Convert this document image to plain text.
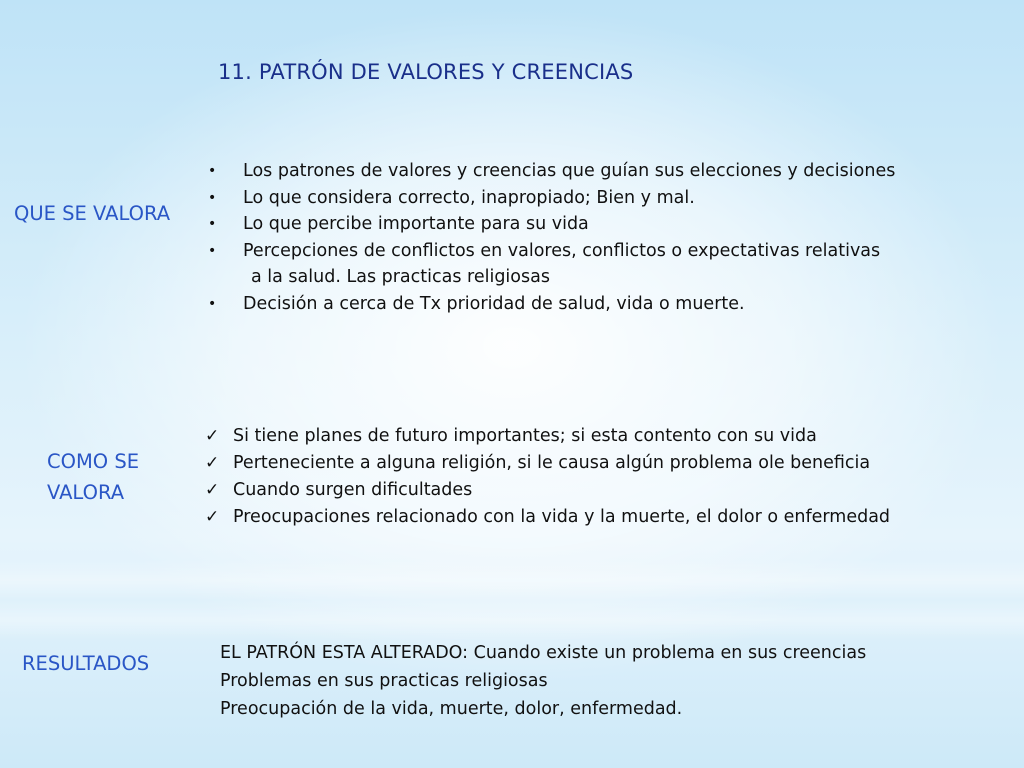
11. PATRÓN DE VALORES Y CREENCIAS
QUE SE VALORA
• Los patrones de valores y creencias que guían sus elecciones y decisiones
• Lo que considera correcto, inapropiado; Bien y mal.
• Lo que percibe importante para su vida
• Percepciones de conflictos en valores, conflictos o expectativas relativas
a la salud. Las practicas religiosas
• Decisión a cerca de Tx prioridad de salud, vida o muerte.
COMO SE
VALORA
✓ Si tiene planes de futuro importantes; si esta contento con su vida
✓ Perteneciente a alguna religión, si le causa algún problema ole beneficia
✓ Cuando surgen dificultades
✓ Preocupaciones relacionado con la vida y la muerte, el dolor o enfermedad
RESULTADOS	EL PATRÓN ESTA ALTERADO: Cuando existe un problema en sus creencias
Problemas en sus practicas religiosas
Preocupación de la vida, muerte, dolor, enfermedad.
